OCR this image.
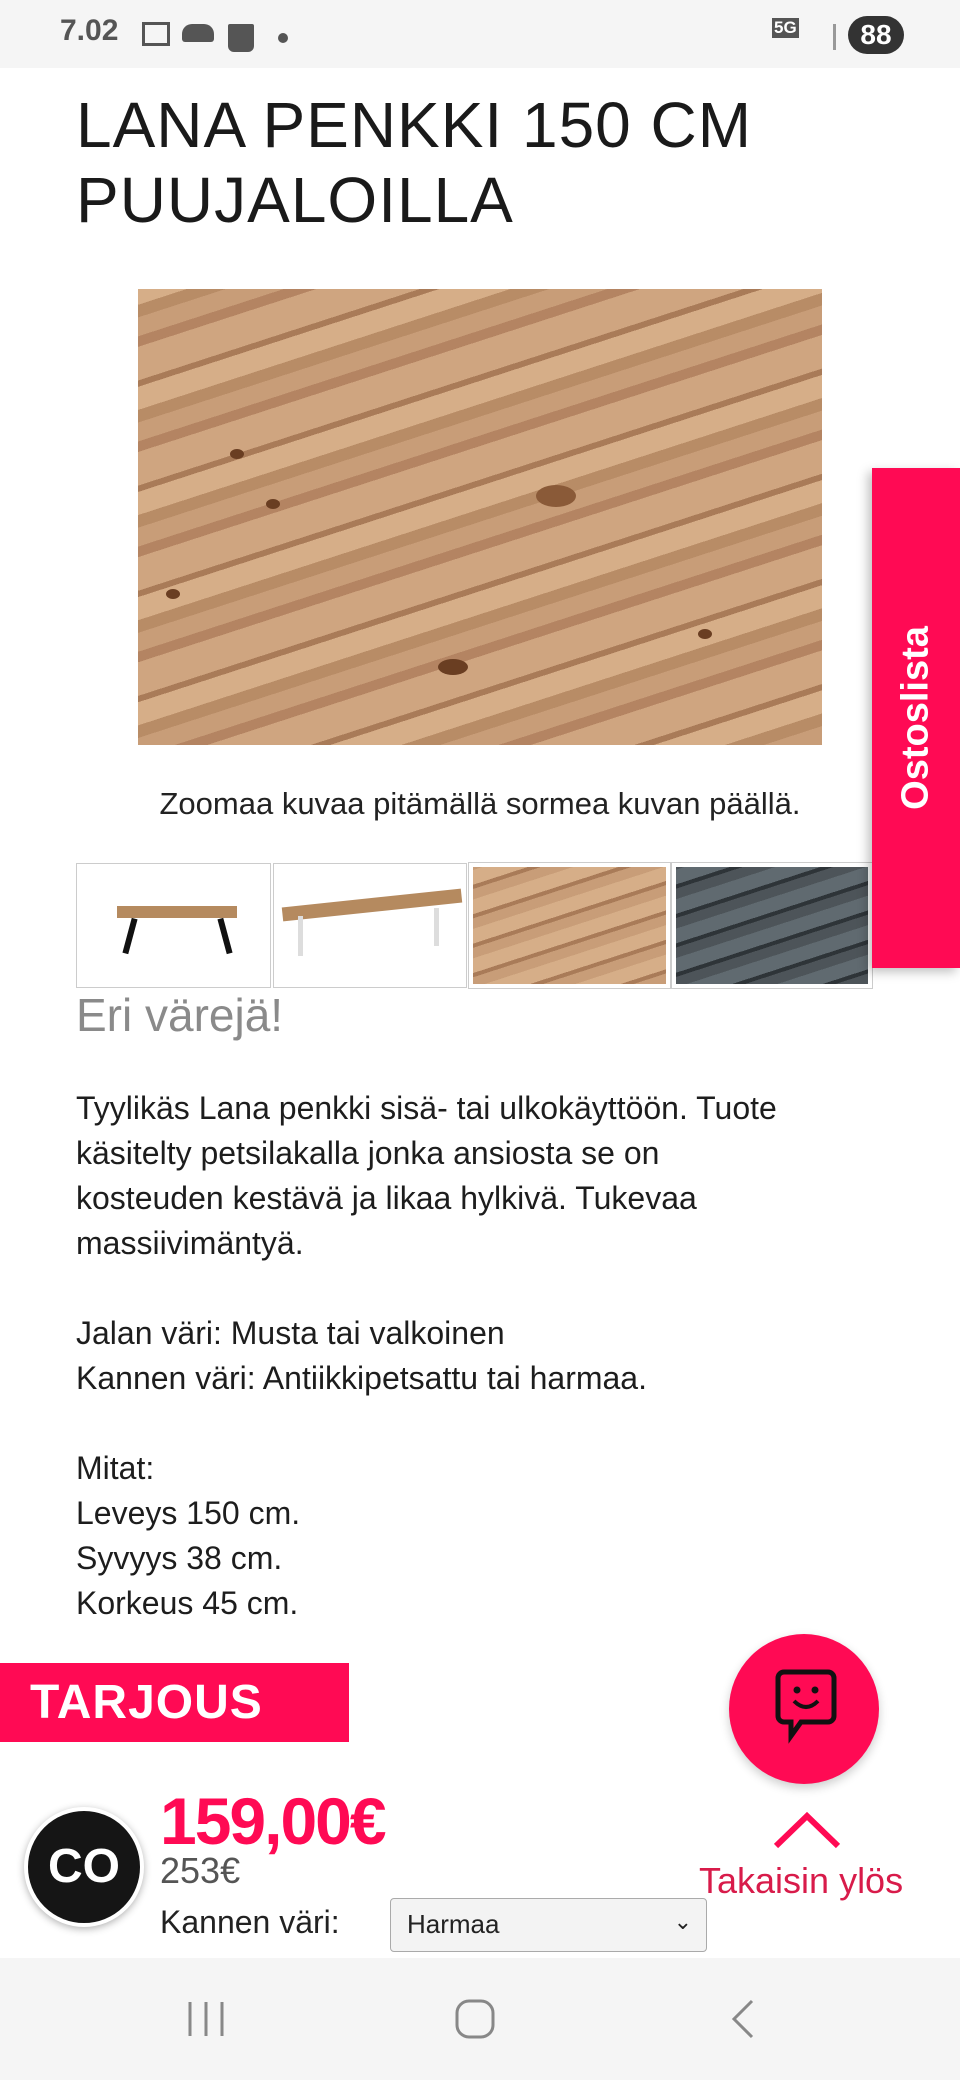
7.02	5G	88
LANA PENKKI 150 CM PUUJALOILLA
Zoomaa kuvaa pitämällä sormea kuvan päällä.
Eri värejä!
Tyylikäs Lana penkki sisä- tai ulkokäyttöön. Tuote
käsitelty petsilakalla jonka ansiosta se on
kosteuden kestävä ja likaa hylkivä. Tukevaa
massiivimäntyä.
Jalan väri: Musta tai valkoinen
Kannen väri: Antiikkipetsattu tai harmaa.
Mitat:
Leveys 150 cm.
Syvyys 38 cm.
Korkeus 45 cm.
TARJOUS
159,00€
253€
Kannen väri:	Harmaa	⌄
CO
Ostoslista
Takaisin ylös
